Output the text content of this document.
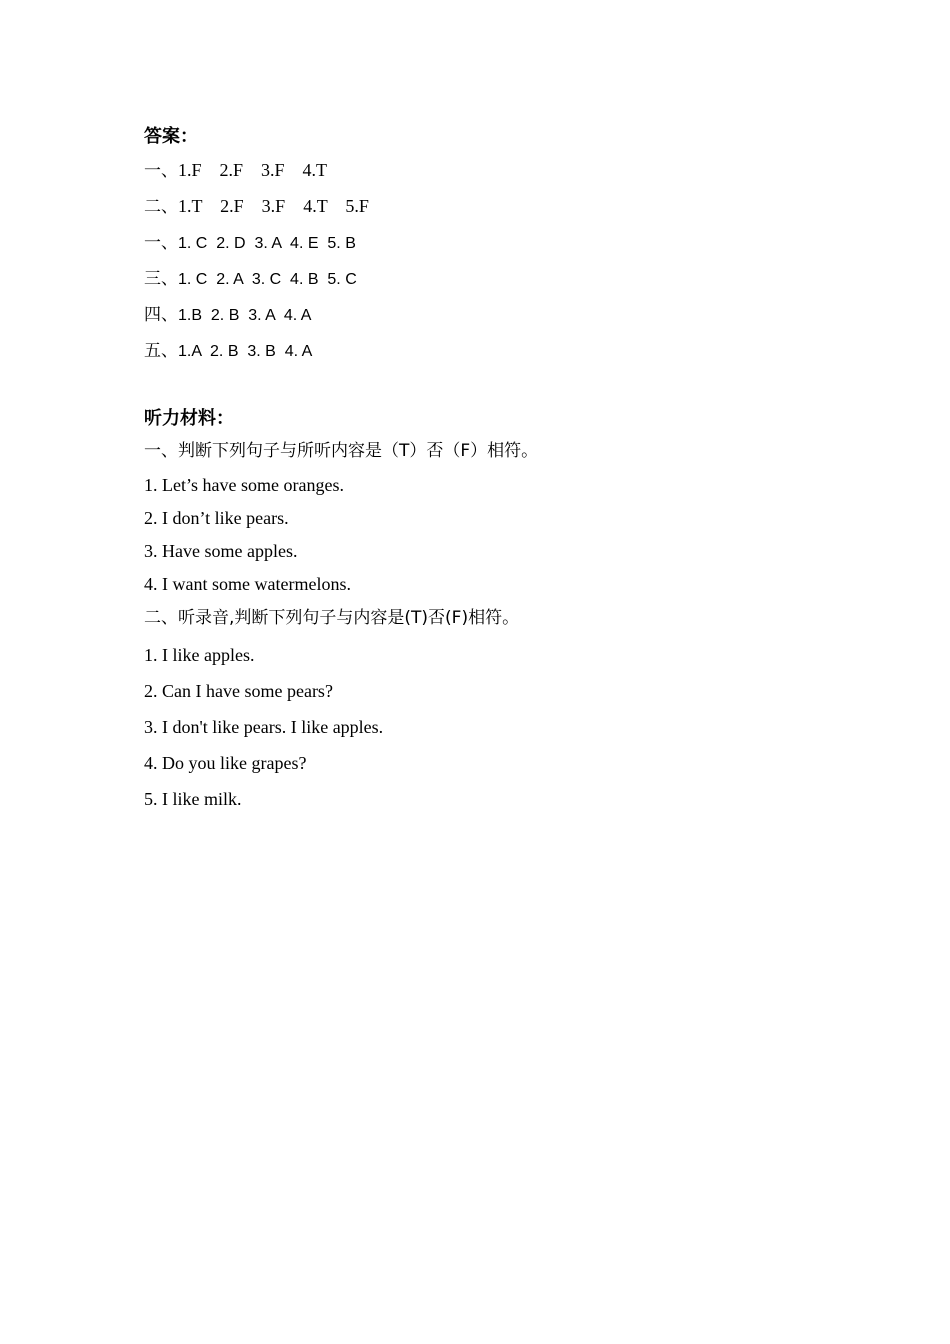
答案：
一、1.F    2.F    3.F    4.T
二、1.T    2.F    3.F    4.T    5.F
一、1. C  2. D  3. A  4. E  5. B
三、1. C  2. A  3. C  4. B  5. C
四、1.B  2. B  3. A  4. A
五、1.A  2. B  3. B  4. A
听力材料：
一、判断下列句子与所听内容是（T）否（F）相符。
1. Let’s have some oranges.
2. I don’t like pears.
3. Have some apples.
4. I want some watermelons.
二、听录音,判断下列句子与内容是(T)否(F)相符。
1. I like apples.
2. Can I have some pears?
3. I don't like pears. I like apples.
4. Do you like grapes?
5. I like milk.
